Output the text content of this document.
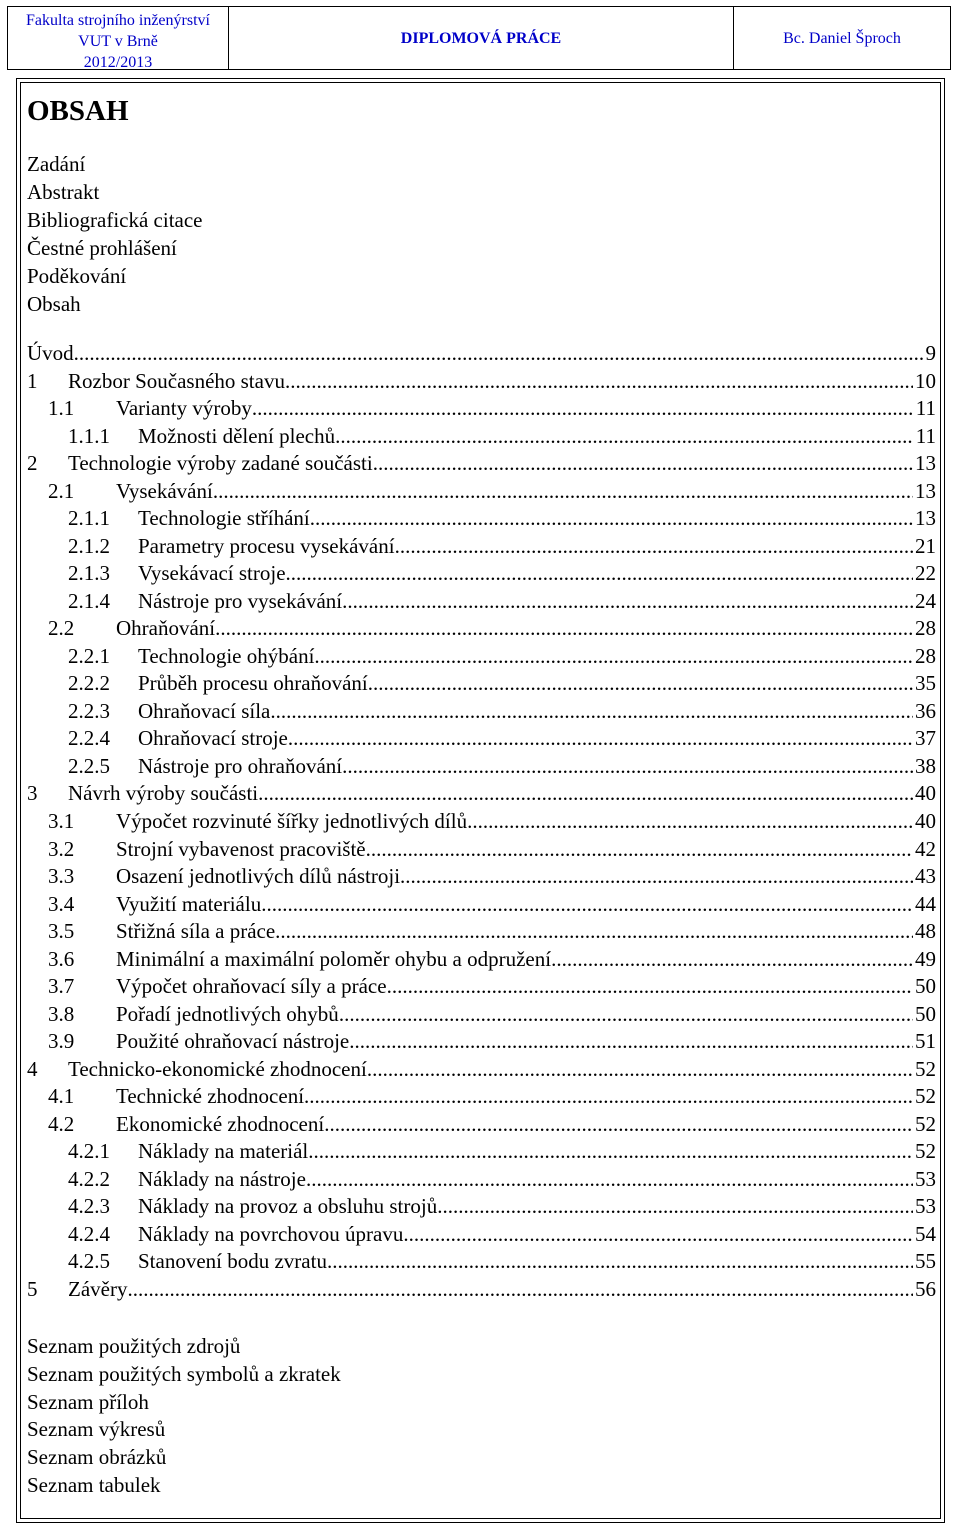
Fakulta strojního inženýrství
VUT v Brně
2012/2013
DIPLOMOVÁ PRÁCE	Bc. Daniel Šproch
OBSAH
Zadání
Abstrakt
Bibliografická citace
Čestné prohlášení
Poděkování
Obsah
Úvod .....	9
1 Rozbor Současného stavu .....	10
1.1 Varianty výroby .....	11
1.1.1 Možnosti dělení plechů .....	11
2 Technologie výroby zadané součásti .....	13
2.1 Vysekávání .....	13
2.1.1 Technologie stříhání .....	13
2.1.2 Parametry procesu vysekávání .....	21
2.1.3 Vysekávací stroje .....	22
2.1.4 Nástroje pro vysekávání .....	24
2.2 Ohraňování .....	28
2.2.1 Technologie ohýbání .....	28
2.2.2 Průběh procesu ohraňování .....	35
2.2.3 Ohraňovací síla .....	36
2.2.4 Ohraňovací stroje .....	37
2.2.5 Nástroje pro ohraňování .....	38
3 Návrh výroby součásti .....	40
3.1 Výpočet rozvinuté šířky jednotlivých dílů .....	40
3.2 Strojní vybavenost pracoviště .....	42
3.3 Osazení jednotlivých dílů nástroji .....	43
3.4 Využití materiálu .....	44
3.5 Střižná síla a práce .....	48
3.6 Minimální a maximální poloměr ohybu a odpružení .....	49
3.7 Výpočet ohraňovací síly a práce .....	50
3.8 Pořadí jednotlivých ohybů .....	50
3.9 Použité ohraňovací nástroje .....	51
4 Technicko-ekonomické zhodnocení .....	52
4.1 Technické zhodnocení .....	52
4.2 Ekonomické zhodnocení .....	52
4.2.1 Náklady na materiál .....	52
4.2.2 Náklady na nástroje .....	53
4.2.3 Náklady na provoz a obsluhu strojů .....	53
4.2.4 Náklady na povrchovou úpravu .....	54
4.2.5 Stanovení bodu zvratu .....	55
5 Závěry .....	56
Seznam použitých zdrojů
Seznam použitých symbolů a zkratek
Seznam příloh
Seznam výkresů
Seznam obrázků
Seznam tabulek
